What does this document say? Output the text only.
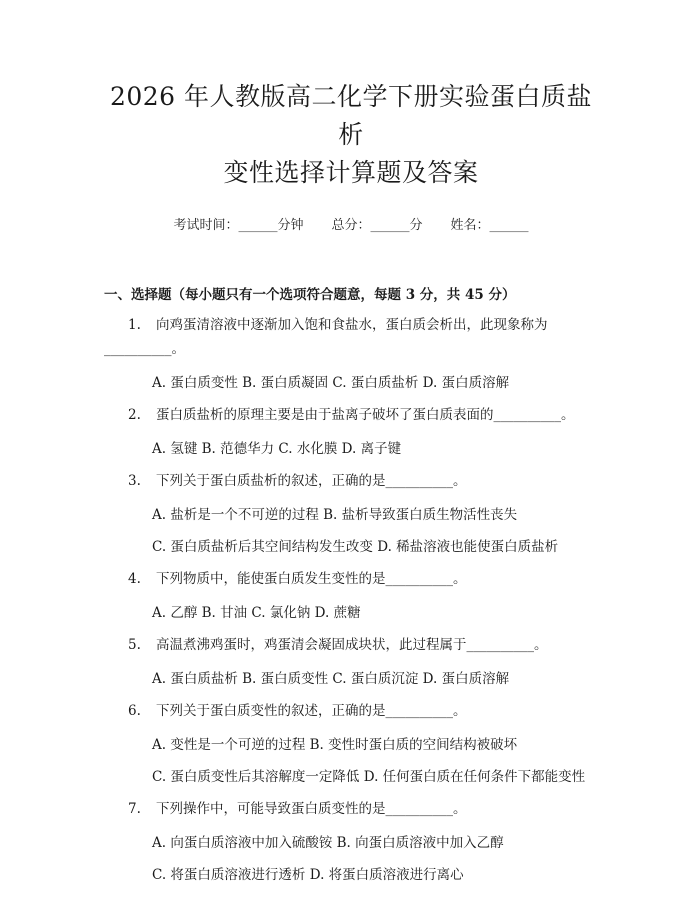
2026 年人教版高二化学下册实验蛋白质盐析
变性选择计算题及答案
考试时间：______分钟 总分：______分 姓名：______
一、选择题（每小题只有一个选项符合题意，每题 3 分，共 45 分）
1. 向鸡蛋清溶液中逐渐加入饱和食盐水，蛋白质会析出，此现象称为
__________。
A. 蛋白质变性 B. 蛋白质凝固 C. 蛋白质盐析 D. 蛋白质溶解
2. 蛋白质盐析的原理主要是由于盐离子破坏了蛋白质表面的__________。
A. 氢键 B. 范德华力 C. 水化膜 D. 离子键
3. 下列关于蛋白质盐析的叙述，正确的是__________。
A. 盐析是一个不可逆的过程 B. 盐析导致蛋白质生物活性丧失
C. 蛋白质盐析后其空间结构发生改变 D. 稀盐溶液也能使蛋白质盐析
4. 下列物质中，能使蛋白质发生变性的是__________。
A. 乙醇 B. 甘油 C. 氯化钠 D. 蔗糖
5. 高温煮沸鸡蛋时，鸡蛋清会凝固成块状，此过程属于__________。
A. 蛋白质盐析 B. 蛋白质变性 C. 蛋白质沉淀 D. 蛋白质溶解
6. 下列关于蛋白质变性的叙述，正确的是__________。
A. 变性是一个可逆的过程 B. 变性时蛋白质的空间结构被破坏
C. 蛋白质变性后其溶解度一定降低 D. 任何蛋白质在任何条件下都能变性
7. 下列操作中，可能导致蛋白质变性的是__________。
A. 向蛋白质溶液中加入硫酸铵 B. 向蛋白质溶液中加入乙醇
C. 将蛋白质溶液进行透析 D. 将蛋白质溶液进行离心
